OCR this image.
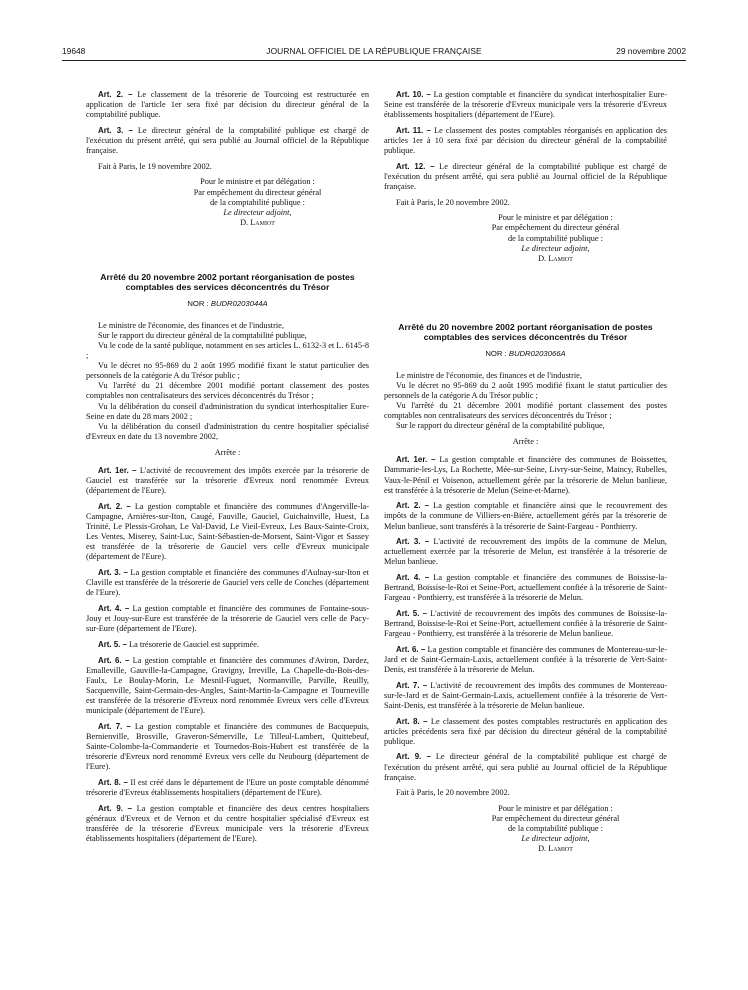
19648	JOURNAL OFFICIEL DE LA RÉPUBLIQUE FRANÇAISE	29 novembre 2002

Art. 2. – Le classement de la trésorerie de Tourcoing est restructurée en application de l'article 1er sera fixé par décision du directeur général de la comptabilité publique.

Art. 3. – Le directeur général de la comptabilité publique est chargé de l'exécution du présent arrêté, qui sera publié au Journal officiel de la République française.

Fait à Paris, le 19 novembre 2002.

Pour le ministre et par délégation :
Par empêchement du directeur général
de la comptabilité publique :
Le directeur adjoint,
D. Lamiot
Arrêté du 20 novembre 2002 portant réorganisation de postes comptables des services déconcentrés du Trésor
NOR : BUDR0203044A

Le ministre de l'économie, des finances et de l'industrie,

Sur le rapport du directeur général de la comptabilité publique,

Vu le code de la santé publique, notamment en ses articles L. 6132-3 et L. 6145-8 ;

Vu le décret no 95-869 du 2 août 1995 modifié fixant le statut particulier des personnels de la catégorie A du Trésor public ;

Vu l'arrêté du 21 décembre 2001 modifié portant classement des postes comptables non centralisateurs des services déconcentrés du Trésor ;

Vu la délibération du conseil d'administration du syndicat interhospitalier Eure-Seine en date du 28 mars 2002 ;

Vu la délibération du conseil d'administration du centre hospitalier spécialisé d'Evreux en date du 13 novembre 2002,

Arrête :

Art. 1er. – L'activité de recouvrement des impôts exercée par la trésorerie de Gauciel est transférée sur la trésorerie d'Evreux nord renommée Evreux (département de l'Eure).

Art. 2. – La gestion comptable et financière des communes d'Angerville-la-Campagne, Arnières-sur-Iton, Caugé, Fauville, Gauciel, Guichainville, Huest, La Trinité, Le Plessis-Grohan, Le Val-David, Le Vieil-Evreux, Les Baux-Sainte-Croix, Les Ventes, Miserey, Saint-Luc, Saint-Sébastien-de-Morsent, Saint-Vigor et Sassey est transférée de la trésorerie de Gauciel vers celle d'Evreux municipale (département de l'Eure).

Art. 3. – La gestion comptable et financière des communes d'Aulnay-sur-Iton et Claville est transférée de la trésorerie de Gauciel vers celle de Conches (département de l'Eure).

Art. 4. – La gestion comptable et financière des communes de Fontaine-sous-Jouy et Jouy-sur-Eure est transférée de la trésorerie de Gauciel vers celle de Pacy-sur-Eure (département de l'Eure).

Art. 5. – La trésorerie de Gauciel est supprimée.

Art. 6. – La gestion comptable et financière des communes d'Aviron, Dardez, Emalleville, Gauville-la-Campagne, Gravigny, Irreville, La Chapelle-du-Bois-des-Faulx, Le Boulay-Morin, Le Mesnil-Fuguet, Normanville, Parville, Reuilly, Sacquenville, Saint-Germain-des-Angles, Saint-Martin-la-Campagne et Tourneville est transférée de la trésorerie d'Evreux nord renommée Evreux vers celle d'Evreux municipale (département de l'Eure).

Art. 7. – La gestion comptable et financière des communes de Bacquepuis, Bernienville, Brosville, Graveron-Sémerville, Le Tilleul-Lambert, Quittebeuf, Sainte-Colombe-la-Commanderie et Tournedos-Bois-Hubert est transférée de la trésorerie d'Evreux nord renommé Evreux vers celle du Neubourg (département de l'Eure).

Art. 8. – Il est créé dans le département de l'Eure un poste comptable dénommé trésorerie d'Evreux établissements hospitaliers (département de l'Eure).

Art. 9. – La gestion comptable et financière des deux centres hospitaliers généraux d'Evreux et de Vernon et du centre hospitalier spécialisé d'Evreux est transférée de la trésorerie d'Evreux municipale vers la trésorerie d'Evreux établissements hospitaliers (département de l'Eure).

Art. 10. – La gestion comptable et financière du syndicat interhospitalier Eure-Seine est transférée de la trésorerie d'Evreux municipale vers la trésorerie d'Evreux établissements hospitaliers (département de l'Eure).

Art. 11. – Le classement des postes comptables réorganisés en application des articles 1er à 10 sera fixé par décision du directeur général de la comptabilité publique.

Art. 12. – Le directeur général de la comptabilité publique est chargé de l'exécution du présent arrêté, qui sera publié au Journal officiel de la République française.

Fait à Paris, le 20 novembre 2002.

Pour le ministre et par délégation :
Par empêchement du directeur général
de la comptabilité publique :
Le directeur adjoint,
D. Lamiot
Arrêté du 20 novembre 2002 portant réorganisation de postes comptables des services déconcentrés du Trésor
NOR : BUDR0203066A

Le ministre de l'économie, des finances et de l'industrie,

Vu le décret no 95-869 du 2 août 1995 modifié fixant le statut particulier des personnels de la catégorie A du Trésor public ;

Vu l'arrêté du 21 décembre 2001 modifié portant classement des postes comptables non centralisateurs des services déconcentrés du Trésor ;

Sur le rapport du directeur général de la comptabilité publique,

Arrête :

Art. 1er. – La gestion comptable et financière des communes de Boissettes, Dammarie-les-Lys, La Rochette, Mée-sur-Seine, Livry-sur-Seine, Maincy, Rubelles, Vaux-le-Pénil et Voisenon, actuellement gérée par la trésorerie de Melun banlieue, est transférée à la trésorerie de Melun (Seine-et-Marne).

Art. 2. – La gestion comptable et financière ainsi que le recouvrement des impôts de la commune de Villiers-en-Bière, actuellement gérés par la trésorerie de Melun banlieue, sont transférés à la trésorerie de Saint-Fargeau - Ponthierry.

Art. 3. – L'activité de recouvrement des impôts de la commune de Melun, actuellement exercée par la trésorerie de Melun, est transférée à la trésorerie de Melun banlieue.

Art. 4. – La gestion comptable et financière des communes de Boissise-la-Bertrand, Boissise-le-Roi et Seine-Port, actuellement confiée à la trésorerie de Saint-Fargeau - Ponthierry, est transférée à la trésorerie de Melun.

Art. 5. – L'activité de recouvrement des impôts des communes de Boissise-la-Bertrand, Boissise-le-Roi et Seine-Port, actuellement confiée à la trésorerie de Saint-Fargeau - Ponthierry, est transférée à la trésorerie de Melun banlieue.

Art. 6. – La gestion comptable et financière des communes de Montereau-sur-le-Jard et de Saint-Germain-Laxis, actuellement confiée à la trésorerie de Vert-Saint-Denis, est transférée à la trésorerie de Melun.

Art. 7. – L'activité de recouvrement des impôts des communes de Montereau-sur-le-Jard et de Saint-Germain-Laxis, actuellement confiée à la trésorerie de Vert-Saint-Denis, est transférée à la trésorerie de Melun banlieue.

Art. 8. – Le classement des postes comptables restructurés en application des articles précédents sera fixé par décision du directeur général de la comptabilité publique.

Art. 9. – Le directeur général de la comptabilité publique est chargé de l'exécution du présent arrêté, qui sera publié au Journal officiel de la République française.

Fait à Paris, le 20 novembre 2002.

Pour le ministre et par délégation :
Par empêchement du directeur général
de la comptabilité publique :
Le directeur adjoint,
D. Lamiot
